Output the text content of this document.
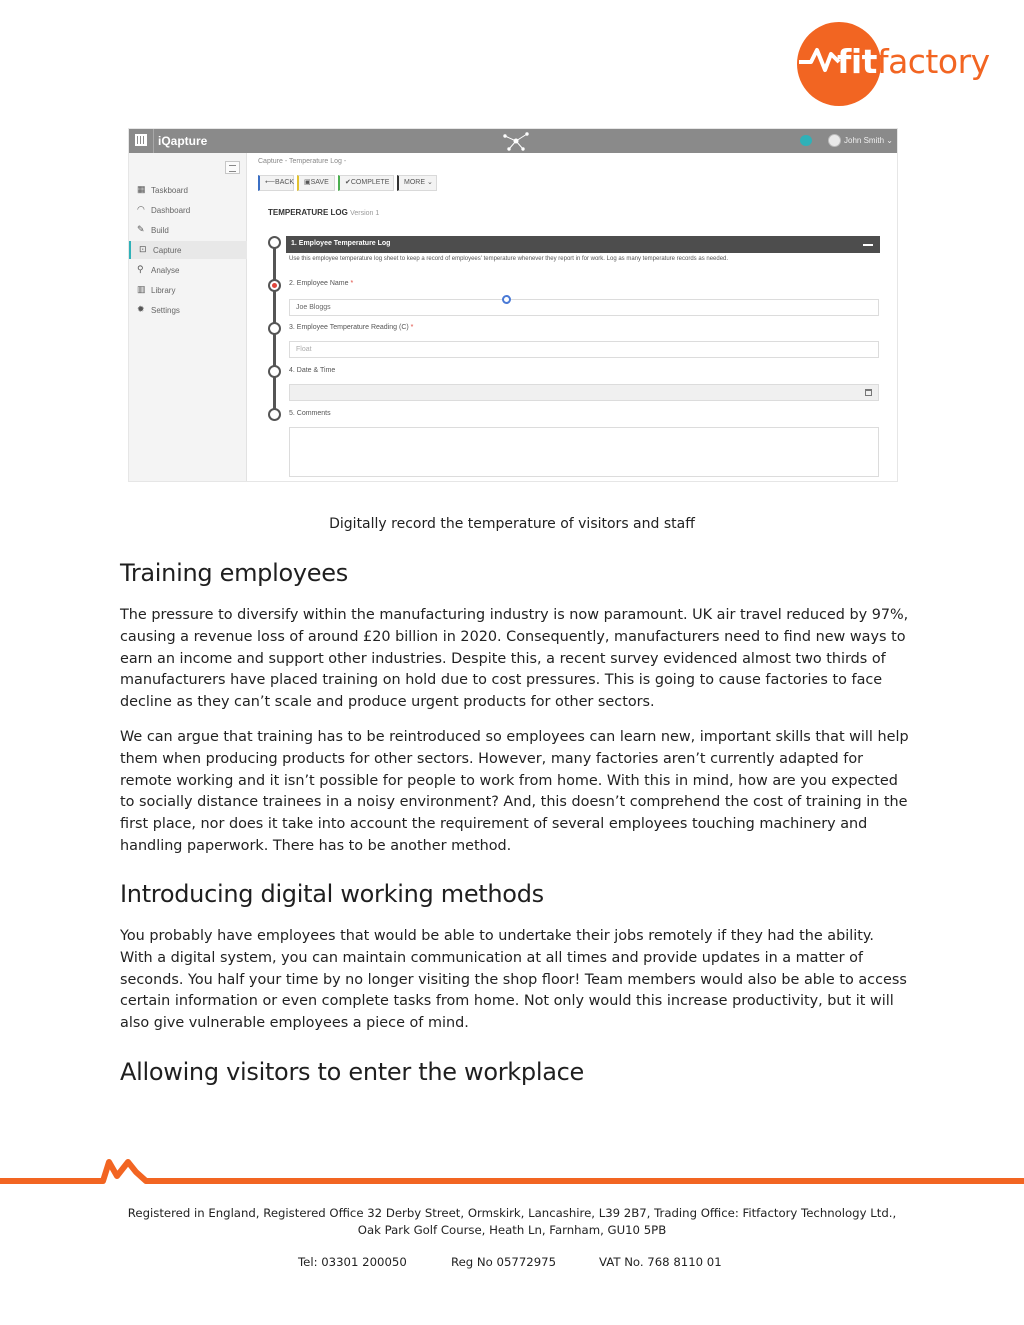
fitfactory
iQapture	John Smith ⌄
▦ Taskboard
◠ Dashboard
✎ Build
⊡ Capture
⚲ Analyse
▥ Library
✹ Settings
Capture - Temperature Log -
⟵BACK	▣SAVE	✔COMPLETE	MORE ⌄
TEMPERATURE LOG Version 1
1. Employee Temperature Log
Use this employee temperature log sheet to keep a record of employees' temperature whenever they report in for work. Log as many temperature records as needed.
2. Employee Name *
Joe Bloggs
3. Employee Temperature Reading (C) *
Float
4. Date & Time
5. Comments
Digitally record the temperature of visitors and staff
Training employees

The pressure to diversify within the manufacturing industry is now paramount. UK air travel reduced by 97%, causing a revenue loss of around £20 billion in 2020. Consequently, manufacturers need to find new ways to earn an income and support other industries. Despite this, a recent survey evidenced almost two thirds of manufacturers have placed training on hold due to cost pressures. This is going to cause factories to face decline as they can’t scale and produce urgent products for other sectors.

We can argue that training has to be reintroduced so employees can learn new, important skills that will help them when producing products for other sectors. However, many factories aren’t currently adapted for remote working and it isn’t possible for people to work from home. With this in mind, how are you expected to socially distance trainees in a noisy environment? And, this doesn’t comprehend the cost of training in the first place, nor does it take into account the requirement of several employees touching machinery and handling paperwork. There has to be another method.

Introducing digital working methods

You probably have employees that would be able to undertake their jobs remotely if they had the ability. With a digital system, you can maintain communication at all times and provide updates in a matter of seconds. You half your time by no longer visiting the shop floor! Team members would also be able to access certain information or even complete tasks from home. Not only would this increase productivity, but it will also give vulnerable employees a piece of mind.

Allowing visitors to enter the workplace
Registered in England, Registered Office 32 Derby Street, Ormskirk, Lancashire, L39 2B7, Trading Office: Fitfactory Technology Ltd.,
Oak Park Golf Course, Heath Ln, Farnham, GU10 5PB
Tel: 03301 200050	Reg No 05772975	VAT No. 768 8110 01
